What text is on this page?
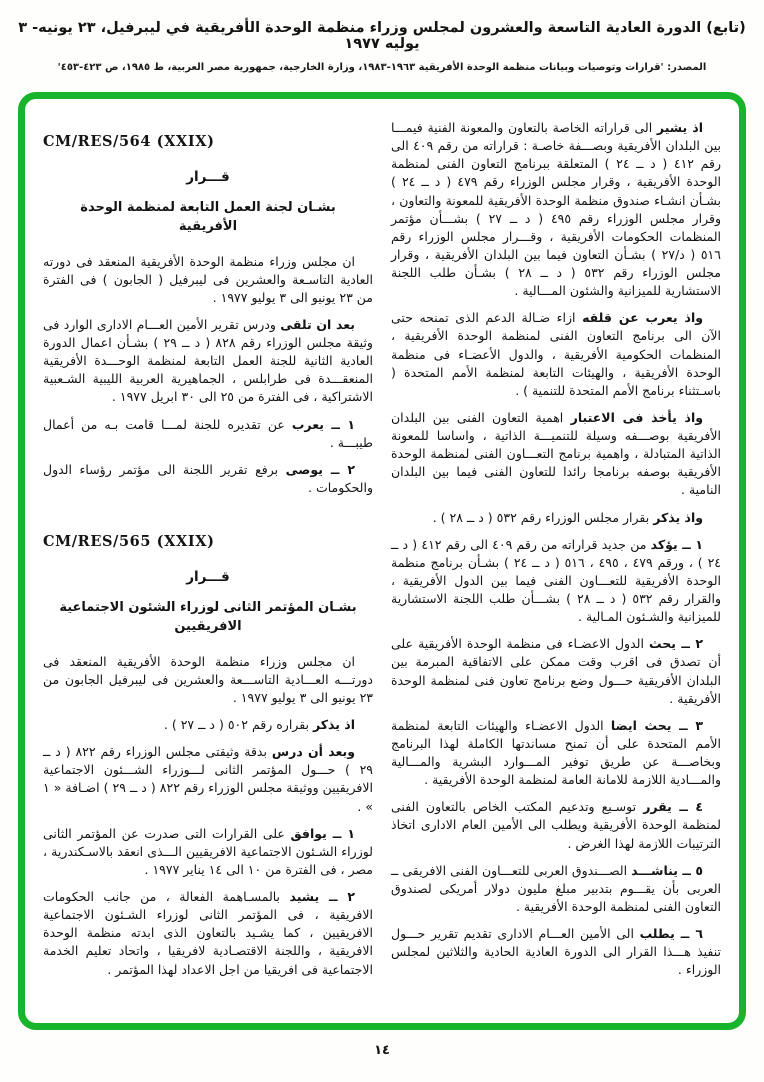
(تابع) الدورة العادية التاسعة والعشرون لمجلس وزراء منظمة الوحدة الأفريقية في ليبرفيل، ٢٣ يونيه- ٣ يوليه ١٩٧٧
المصدر: 'قرارات وتوصيات وبيانات منظمة الوحدة الأفريقية ١٩٦٣-١٩٨٣، وزارة الخارجية، جمهورية مصر العربية، ط ١٩٨٥، ص ٤٢٣-٤٥٣'

اذ يشير الى قراراته الخاصة بالتعاون والمعونة الفنية فيمـــا بين البلدان الأفريقية وبصـــفة خاصـة : قراراته من رقم ٤٠٩ الى رقم ٤١٢ ( د ــ ٢٤ ) المتعلقة ببرنامج التعاون الفنى لمنظمة الوحدة الأفريقية ، وقرار مجلس الوزراء رقم ٤٧٩ ( د ــ ٢٤ ) بشـأن انشـاء صندوق منظمة الوحدة الأفريقية للمعونة والتعاون ، وقرار مجلس الوزراء رقم ٤٩٥ ( د ــ ٢٧ ) بشـــأن مؤتمر المنظمات الحكومات الأفريقية ، وقـــرار مجلس الوزراء رقم ٥١٦ ( د/٢٧ ) بشـأن التعاون فيما بين البلدان الأفريقية ، وقرار مجلس الوزراء رقم ٥٣٢ ( د ــ ٢٨ ) بشـأن طلب اللجنة الاستشارية للميزانية والشئون المـــالية .

واذ يعرب عن قلقه ازاء ضـالة الدعم الذى تمنحه حتى الآن الى برنامج التعاون الفنى لمنظمة الوحدة الأفريقية ، المنظمات الحكومية الأفريقية ، والدول الأعضـاء فى منظمة الوحدة الأفريقية ، والهيئات التابعة لمنظمة الأمم المتحدة ( باسـتثناء برنامج الأمم المتحدة للتنمية ) .

واذ يأخذ فى الاعتبار اهمية التعاون الفنى بين البلدان الأفريقية بوصـــفه وسيلة للتنميـــة الذاتية ، واساسا للمعونة الذاتية المتبادلة ، واهمية برنامج التعـــاون الفنى لمنظمة الوحدة الأفريقية بوصفه برنامجا رائدا للتعاون الفنى فيما بين البلدان النامية .

واذ يذكر بقرار مجلس الوزراء رقم ٥٣٢ ( د ــ ٢٨ ) .

١ ــ يؤكد من جديد قراراته من رقم ٤٠٩ الى رقم ٤١٢ ( د ــ ٢٤ ) ، ورقم ٤٧٩ ، ٤٩٥ ، ٥١٦ ( د ــ ٢٤ ) بشـأن برنامج منظمة الوحدة الأفريقية للتعـــاون الفنى فيما بين الدول الأفريقية ، والقرار رقم ٥٣٢ ( د ــ ٢٨ ) بشـــأن طلب اللجنة الاستشارية للميزانية والشـئون المـالية .

٢ ــ يحث الدول الاعضـاء فى منظمة الوحدة الأفريقية على أن تصدق فى اقرب وقت ممكن على الاتفاقية المبرمة بين البلدان الأفريقية حـــول وضع برنامج تعاون فنى لمنظمة الوحدة الأفريقية .

٣ ــ يحث ايضا الدول الاعضـاء والهيئات التابعة لمنظمة الأمم المتحدة على أن تمنح مساندتها الكاملة لهذا البرنامج وبخاصـــة عن طريق توفير المـــوارد البشرية والمـــالية والمـــادية اللازمة للامانة العامة لمنظمة الوحدة الأفريقية .

٤ ــ يقرر توسـيع وتدعيم المكتب الخاص بالتعاون الفنى لمنظمة الوحدة الأفريقية ويطلب الى الأمين العام الادارى اتخاذ الترتيبات اللازمة لهذا الغرض .

٥ ــ يناشـــد الصـــندوق العربى للتعـــاون الفنى الافريقى ــ العربى بأن يقـــوم بتدبير مبلغ مليون دولار أمريكى لصندوق التعاون الفنى لمنظمة الوحدة الأفريقية .

٦ ــ يطلب الى الأمين العـــام الادارى تقديم تقرير حـــول تنفيذ هـــذا القرار الى الدورة العادية الحادية والثلاثين لمجلس الوزراء .

CM/RES/564 (XXIX)
قـــرار
بشـان لجنة العمل التابعة لمنظمة الوحدة الأفريقية

ان مجلس وزراء منظمة الوحدة الأفريقية المنعقد فى دورته العادية التاسـعة والعشرين فى ليبرفيل ( الجابون ) فى الفترة من ٢٣ يونيو الى ٣ يوليو ١٩٧٧ .

بعد ان تلقى ودرس تقرير الأمين العـــام الادارى الوارد فى وثيقة مجلس الوزراء رقم ٨٢٨ ( د ــ ٢٩ ) بشـأن اعمال الدورة العادية الثانية للجنة العمل التابعة لمنظمة الوحـــدة الأفريقية المنعقـــدة فى طرابلس ، الجماهيرية العربية الليبية الشـعبية الاشتراكية ، فى الفترة من ٢٥ الى ٣٠ ابريل ١٩٧٧ .

١ ــ يعرب عن تقديره للجنة لمـــا قامت بـه من أعمال طيبـــة .

٢ ــ يوصى برفع تقرير اللجنة الى مؤتمر رؤساء الدول والحكومات .

CM/RES/565 (XXIX)
قـــرار
بشـان المؤتمر الثانى لوزراء الشئون الاجتماعية الافريقيين

ان مجلس وزراء منظمة الوحدة الأفريقية المنعقد فى دورتـــه العـــادية التاســـعة والعشرين فى ليبرفيل الجابون من ٢٣ يونيو الى ٣ يوليو ١٩٧٧ .

اذ يذكر بقراره رقم ٥٠٢ ( د ــ ٢٧ ) .

وبعد أن درس بدقة وثيقتى مجلس الوزراء رقم ٨٢٢ ( د ــ ٢٩ ) حـــول المؤتمر الثانى لـــوزراء الشـــئون الاجتماعية الافريقيين ووثيقة مجلس الوزراء رقم ٨٢٢ ( د ــ ٢٩ ) اضـافة « ١ » .

١ ــ يوافق على القرارات التى صدرت عن المؤتمر الثانى لوزراء الشـئون الاجتماعية الافريقيين الـــذى انعقد بالاسـكندرية ، مصر ، فى الفترة من ١٠ الى ١٤ يناير ١٩٧٧ .

٢ ــ يشيد بالمسـاهمة الفعالة ، من جانب الحكومات الافريقية ، فى المؤتمر الثانى لوزراء الشـئون الاجتماعية الافريقيين ، كما يشـيد بالتعاون الذى ابدته منظمة الوحدة الافريقية ، واللجنة الاقتصـادية لافريقيا ، واتحاد تعليم الخدمة الاجتماعية فى افريقيا من اجل الاعداد لهذا المؤتمر .

١٤
